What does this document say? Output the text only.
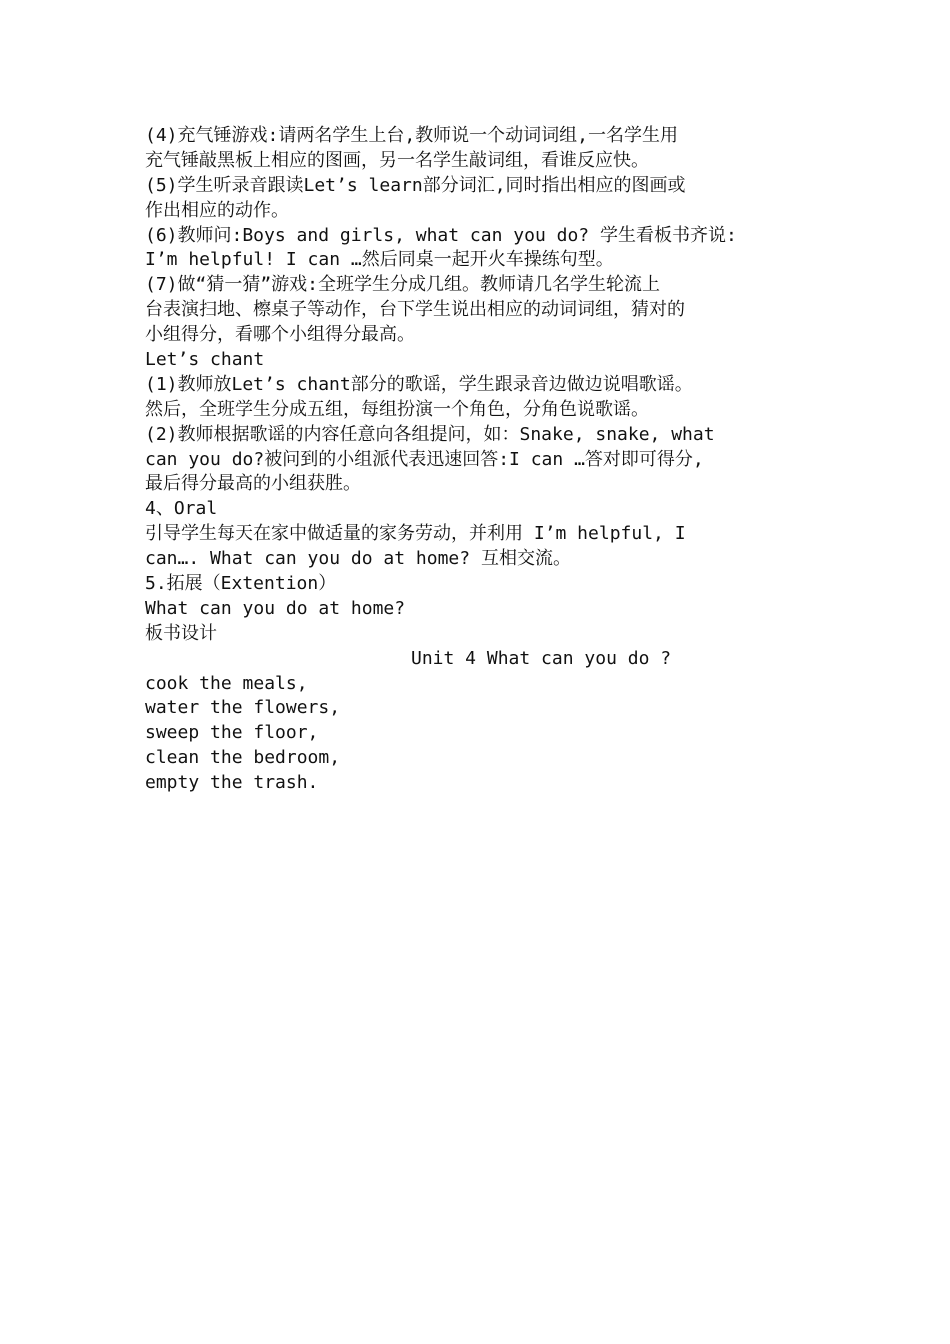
(4)充气锤游戏:请两名学生上台,教师说一个动词词组,一名学生用
充气锤敲黑板上相应的图画，另一名学生敲词组，看谁反应快。
(5)学生听录音跟读Let’s learn部分词汇,同时指出相应的图画或
作出相应的动作。
(6)教师问:Boys and girls, what can you do? 学生看板书齐说:
I’m helpful! I can …然后同桌一起开火车操练句型。
(7)做“猜一猜”游戏:全班学生分成几组。教师请几名学生轮流上
台表演扫地、檫桌子等动作，台下学生说出相应的动词词组，猜对的
小组得分，看哪个小组得分最高。
Let’s chant
(1)教师放Let’s chant部分的歌谣，学生跟录音边做边说唱歌谣。
然后，全班学生分成五组，每组扮演一个角色，分角色说歌谣。
(2)教师根据歌谣的内容任意向各组提问，如：Snake, snake, what
can you do?被问到的小组派代表迅速回答:I can …答对即可得分,
最后得分最高的小组获胜。
4、Oral
引导学生每天在家中做适量的家务劳动，并利用 I’m helpful, I
can…. What can you do at home? 互相交流。
5.拓展（Extention）
What can you do at home?
板书设计
Unit 4 What can you do ?
cook the meals,
water the flowers,
sweep the floor,
clean the bedroom,
empty the trash.
